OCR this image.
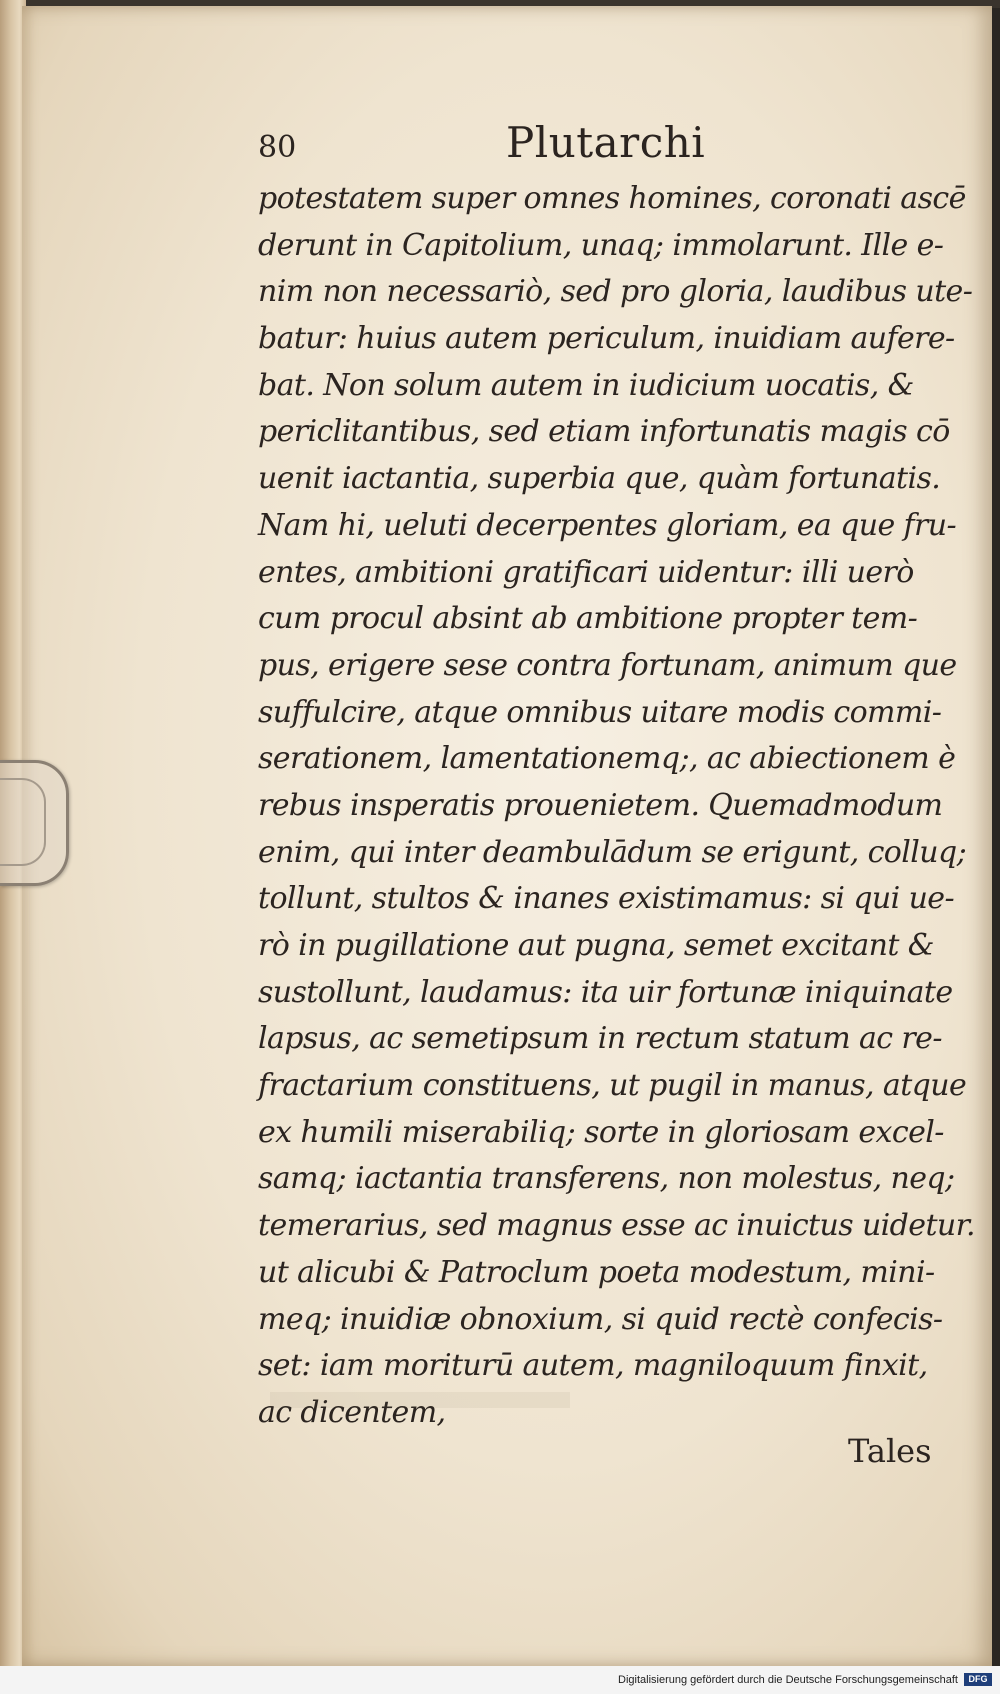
80	Plutarchi
potestatem super omnes homines, coronati ascē
derunt in Capitolium, unaq; immolarunt. Ille e-
nim non necessariò, sed pro gloria, laudibus ute-
batur: huius autem periculum, inuidiam aufere-
bat. Non solum autem in iudicium uocatis, &
periclitantibus, sed etiam infortunatis magis cō
uenit iactantia, superbia que, quàm fortunatis.
Nam hi, ueluti decerpentes gloriam, ea que fru-
entes, ambitioni gratificari uidentur: illi uerò
cum procul absint ab ambitione propter tem-
pus, erigere sese contra fortunam, animum que
suffulcire, atque omnibus uitare modis commi-
serationem, lamentationemq;, ac abiectionem è
rebus insperatis prouenietem. Quemadmodum
enim, qui inter deambulādum se erigunt, colluq;
tollunt, stultos & inanes existimamus: si qui ue-
rò in pugillatione aut pugna, semet excitant &
sustollunt, laudamus: ita uir fortunæ iniquinate
lapsus, ac semetipsum in rectum statum ac re-
fractarium constituens, ut pugil in manus, atque
ex humili miserabiliq; sorte in gloriosam excel-
samq; iactantia transferens, non molestus, neq;
temerarius, sed magnus esse ac inuictus uidetur.
ut alicubi & Patroclum poeta modestum, mini-
meq; inuidiæ obnoxium, si quid rectè confecis-
set: iam moriturū autem, magniloquum finxit,
ac dicentem,
Tales
Digitalisierung gefördert durch die Deutsche Forschungsgemeinschaft	DFG
